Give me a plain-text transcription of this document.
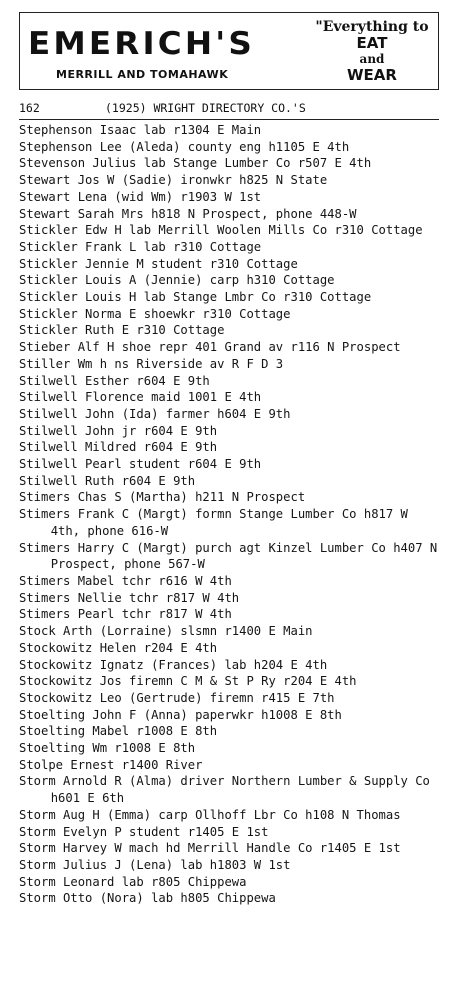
EMERICH'S
MERRILL AND TOMAHAWK
"Everything to
EAT
and
WEAR
162	(1925) WRIGHT DIRECTORY CO.'S
Stephenson Isaac lab r1304 E Main
Stephenson Lee (Aleda) county eng h1105 E 4th
Stevenson Julius lab Stange Lumber Co r507 E 4th
Stewart Jos W (Sadie) ironwkr h825 N State
Stewart Lena (wid Wm) r1903 W 1st
Stewart Sarah Mrs h818 N Prospect, phone 448-W
Stickler Edw H lab Merrill Woolen Mills Co r310 Cottage
Stickler Frank L lab r310 Cottage
Stickler Jennie M student r310 Cottage
Stickler Louis A (Jennie) carp h310 Cottage
Stickler Louis H lab Stange Lmbr Co r310 Cottage
Stickler Norma E shoewkr r310 Cottage
Stickler Ruth E r310 Cottage
Stieber Alf H shoe repr 401 Grand av r116 N Prospect
Stiller Wm h ns Riverside av R F D 3
Stilwell Esther r604 E 9th
Stilwell Florence maid 1001 E 4th
Stilwell John (Ida) farmer h604 E 9th
Stilwell John jr r604 E 9th
Stilwell Mildred r604 E 9th
Stilwell Pearl student r604 E 9th
Stilwell Ruth r604 E 9th
Stimers Chas S (Martha) h211 N Prospect
Stimers Frank C (Margt) formn Stange Lumber Co h817 W 4th, phone 616-W
Stimers Harry C (Margt) purch agt Kinzel Lumber Co h407 N Prospect, phone 567-W
Stimers Mabel tchr r616 W 4th
Stimers Nellie tchr r817 W 4th
Stimers Pearl tchr r817 W 4th
Stock Arth (Lorraine) slsmn r1400 E Main
Stockowitz Helen r204 E 4th
Stockowitz Ignatz (Frances) lab h204 E 4th
Stockowitz Jos firemn C M & St P Ry r204 E 4th
Stockowitz Leo (Gertrude) firemn r415 E 7th
Stoelting John F (Anna) paperwkr h1008 E 8th
Stoelting Mabel r1008 E 8th
Stoelting Wm r1008 E 8th
Stolpe Ernest r1400 River
Storm Arnold R (Alma) driver Northern Lumber & Supply Co h601 E 6th
Storm Aug H (Emma) carp Ollhoff Lbr Co h108 N Thomas
Storm Evelyn P student r1405 E 1st
Storm Harvey W mach hd Merrill Handle Co r1405 E 1st
Storm Julius J (Lena) lab h1803 W 1st
Storm Leonard lab r805 Chippewa
Storm Otto (Nora) lab h805 Chippewa
